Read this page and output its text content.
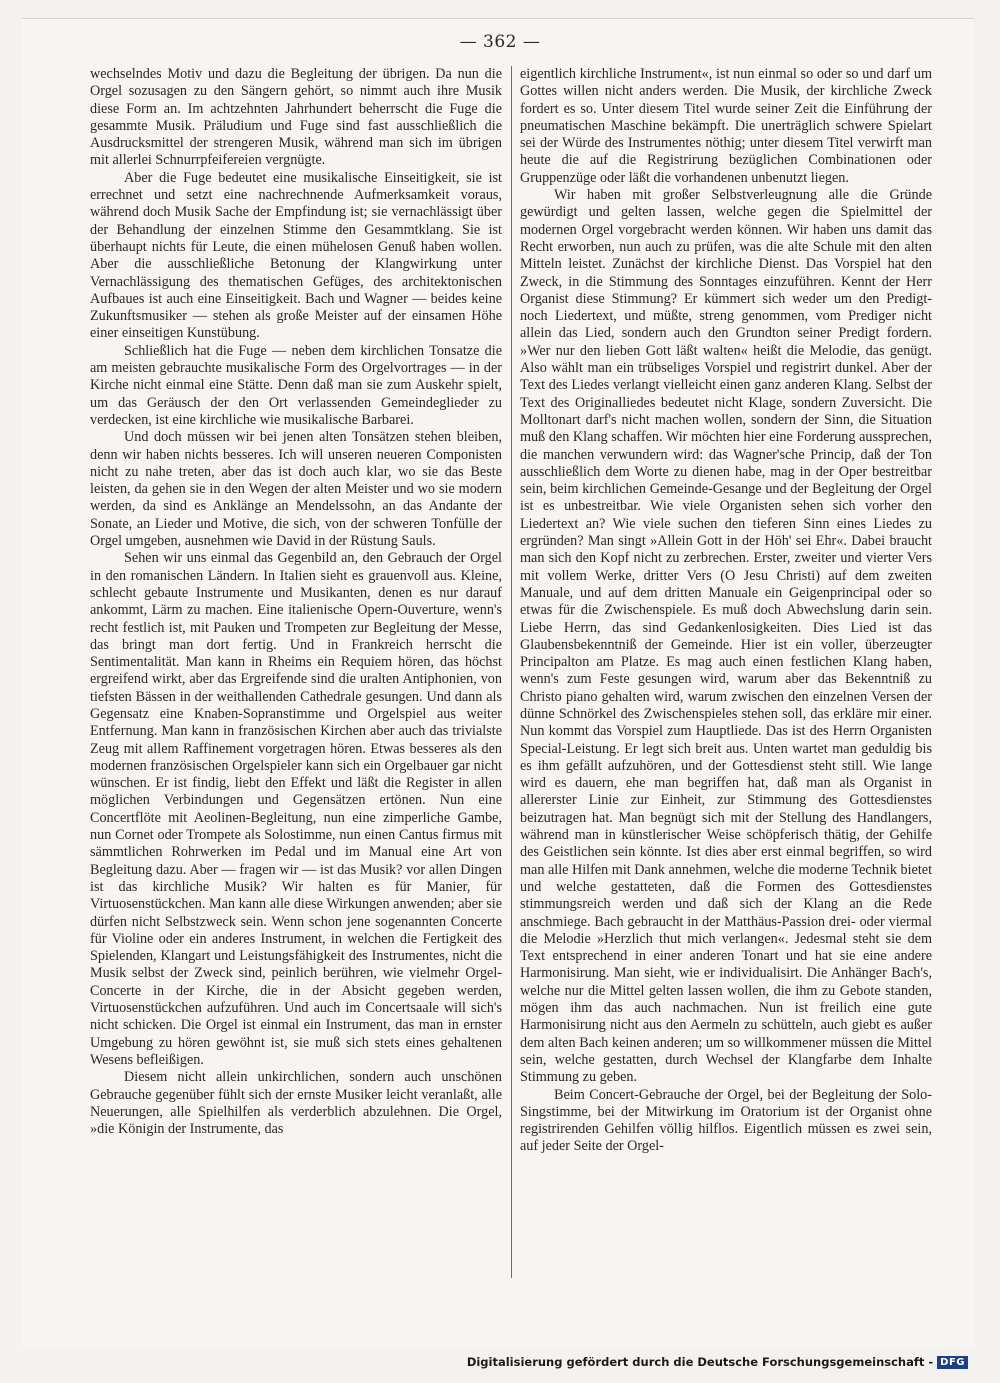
— 362 —

wechselndes Motiv und dazu die Begleitung der übrigen. Da nun die Orgel sozusagen zu den Sängern gehört, so nimmt auch ihre Musik diese Form an. Im achtzehnten Jahrhundert beherrscht die Fuge die gesammte Musik. Präludium und Fuge sind fast ausschließlich die Ausdrucksmittel der strengeren Musik, während man sich im übrigen mit allerlei Schnurrpfeifereien vergnügte.

Aber die Fuge bedeutet eine musikalische Einseitigkeit, sie ist errechnet und setzt eine nachrechnende Aufmerksamkeit voraus, während doch Musik Sache der Empfindung ist; sie vernachlässigt über der Behandlung der einzelnen Stimme den Gesammtklang. Sie ist überhaupt nichts für Leute, die einen mühelosen Genuß haben wollen. Aber die ausschließliche Betonung der Klangwirkung unter Vernachlässigung des thematischen Gefüges, des architektonischen Aufbaues ist auch eine Einseitigkeit. Bach und Wagner — beides keine Zukunftsmusiker — stehen als große Meister auf der einsamen Höhe einer einseitigen Kunstübung.

Schließlich hat die Fuge — neben dem kirchlichen Tonsatze die am meisten gebrauchte musikalische Form des Orgelvortrages — in der Kirche nicht einmal eine Stätte. Denn daß man sie zum Auskehr spielt, um das Geräusch der den Ort verlassenden Gemeindeglieder zu verdecken, ist eine kirchliche wie musikalische Barbarei.

Und doch müssen wir bei jenen alten Tonsätzen stehen bleiben, denn wir haben nichts besseres. Ich will unseren neueren Componisten nicht zu nahe treten, aber das ist doch auch klar, wo sie das Beste leisten, da gehen sie in den Wegen der alten Meister und wo sie modern werden, da sind es Anklänge an Mendelssohn, an das Andante der Sonate, an Lieder und Motive, die sich, von der schweren Tonfülle der Orgel umgeben, ausnehmen wie David in der Rüstung Sauls.

Sehen wir uns einmal das Gegenbild an, den Gebrauch der Orgel in den romanischen Ländern. In Italien sieht es grauenvoll aus. Kleine, schlecht gebaute Instrumente und Musikanten, denen es nur darauf ankommt, Lärm zu machen. Eine italienische Opern-Ouverture, wenn's recht festlich ist, mit Pauken und Trompeten zur Begleitung der Messe, das bringt man dort fertig. Und in Frankreich herrscht die Sentimentalität. Man kann in Rheims ein Requiem hören, das höchst ergreifend wirkt, aber das Ergreifende sind die uralten Antiphonien, von tiefsten Bässen in der weithallenden Cathedrale gesungen. Und dann als Gegensatz eine Knaben-Sopranstimme und Orgelspiel aus weiter Entfernung. Man kann in französischen Kirchen aber auch das trivialste Zeug mit allem Raffinement vorgetragen hören. Etwas besseres als den modernen französischen Orgelspieler kann sich ein Orgelbauer gar nicht wünschen. Er ist findig, liebt den Effekt und läßt die Register in allen möglichen Verbindungen und Gegensätzen ertönen. Nun eine Concertflöte mit Aeolinen-Begleitung, nun eine zimperliche Gambe, nun Cornet oder Trompete als Solostimme, nun einen Cantus firmus mit sämmtlichen Rohrwerken im Pedal und im Manual eine Art von Begleitung dazu. Aber — fragen wir — ist das Musik? vor allen Dingen ist das kirchliche Musik? Wir halten es für Manier, für Virtuosenstückchen. Man kann alle diese Wirkungen anwenden; aber sie dürfen nicht Selbstzweck sein. Wenn schon jene sogenannten Concerte für Violine oder ein anderes Instrument, in welchen die Fertigkeit des Spielenden, Klangart und Leistungsfähigkeit des Instrumentes, nicht die Musik selbst der Zweck sind, peinlich berühren, wie vielmehr Orgel-Concerte in der Kirche, die in der Absicht gegeben werden, Virtuosenstückchen aufzuführen. Und auch im Concertsaale will sich's nicht schicken. Die Orgel ist einmal ein Instrument, das man in ernster Umgebung zu hören gewöhnt ist, sie muß sich stets eines gehaltenen Wesens befleißigen.

Diesem nicht allein unkirchlichen, sondern auch unschönen Gebrauche gegenüber fühlt sich der ernste Musiker leicht veranlaßt, alle Neuerungen, alle Spielhilfen als verderblich abzulehnen. Die Orgel, »die Königin der Instrumente, das

eigentlich kirchliche Instrument«, ist nun einmal so oder so und darf um Gottes willen nicht anders werden. Die Musik, der kirchliche Zweck fordert es so. Unter diesem Titel wurde seiner Zeit die Einführung der pneumatischen Maschine bekämpft. Die unerträglich schwere Spielart sei der Würde des Instrumentes nöthig; unter diesem Titel verwirft man heute die auf die Registrirung bezüglichen Combinationen oder Gruppenzüge oder läßt die vorhandenen unbenutzt liegen.

Wir haben mit großer Selbstverleugnung alle die Gründe gewürdigt und gelten lassen, welche gegen die Spielmittel der modernen Orgel vorgebracht werden können. Wir haben uns damit das Recht erworben, nun auch zu prüfen, was die alte Schule mit den alten Mitteln leistet. Zunächst der kirchliche Dienst. Das Vorspiel hat den Zweck, in die Stimmung des Sonntages einzuführen. Kennt der Herr Organist diese Stimmung? Er kümmert sich weder um den Predigt- noch Liedertext, und müßte, streng genommen, vom Prediger nicht allein das Lied, sondern auch den Grundton seiner Predigt fordern. »Wer nur den lieben Gott läßt walten« heißt die Melodie, das genügt. Also wählt man ein trübseliges Vorspiel und registrirt dunkel. Aber der Text des Liedes verlangt vielleicht einen ganz anderen Klang. Selbst der Text des Originalliedes bedeutet nicht Klage, sondern Zuversicht. Die Molltonart darf's nicht machen wollen, sondern der Sinn, die Situation muß den Klang schaffen. Wir möchten hier eine Forderung aussprechen, die manchen verwundern wird: das Wagner'sche Princip, daß der Ton ausschließlich dem Worte zu dienen habe, mag in der Oper bestreitbar sein, beim kirchlichen Gemeinde-Gesange und der Begleitung der Orgel ist es unbestreitbar. Wie viele Organisten sehen sich vorher den Liedertext an? Wie viele suchen den tieferen Sinn eines Liedes zu ergründen? Man singt »Allein Gott in der Höh' sei Ehr«. Dabei braucht man sich den Kopf nicht zu zerbrechen. Erster, zweiter und vierter Vers mit vollem Werke, dritter Vers (O Jesu Christi) auf dem zweiten Manuale, und auf dem dritten Manuale ein Geigenprincipal oder so etwas für die Zwischenspiele. Es muß doch Abwechslung darin sein. Liebe Herrn, das sind Gedankenlosigkeiten. Dies Lied ist das Glaubensbekenntniß der Gemeinde. Hier ist ein voller, überzeugter Principalton am Platze. Es mag auch einen festlichen Klang haben, wenn's zum Feste gesungen wird, warum aber das Bekenntniß zu Christo piano gehalten wird, warum zwischen den einzelnen Versen der dünne Schnörkel des Zwischenspieles stehen soll, das erkläre mir einer. Nun kommt das Vorspiel zum Hauptliede. Das ist des Herrn Organisten Special-Leistung. Er legt sich breit aus. Unten wartet man geduldig bis es ihm gefällt aufzuhören, und der Gottesdienst steht still. Wie lange wird es dauern, ehe man begriffen hat, daß man als Organist in allererster Linie zur Einheit, zur Stimmung des Gottesdienstes beizutragen hat. Man begnügt sich mit der Stellung des Handlangers, während man in künstlerischer Weise schöpferisch thätig, der Gehilfe des Geistlichen sein könnte. Ist dies aber erst einmal begriffen, so wird man alle Hilfen mit Dank annehmen, welche die moderne Technik bietet und welche gestatteten, daß die Formen des Gottesdienstes stimmungsreich werden und daß sich der Klang an die Rede anschmiege. Bach gebraucht in der Matthäus-Passion drei- oder viermal die Melodie »Herzlich thut mich verlangen«. Jedesmal steht sie dem Text entsprechend in einer anderen Tonart und hat sie eine andere Harmonisirung. Man sieht, wie er individualisirt. Die Anhänger Bach's, welche nur die Mittel gelten lassen wollen, die ihm zu Gebote standen, mögen ihm das auch nachmachen. Nun ist freilich eine gute Harmonisirung nicht aus den Aermeln zu schütteln, auch giebt es außer dem alten Bach keinen anderen; um so willkommener müssen die Mittel sein, welche gestatten, durch Wechsel der Klangfarbe dem Inhalte Stimmung zu geben.

Beim Concert-Gebrauche der Orgel, bei der Begleitung der Solo-Singstimme, bei der Mitwirkung im Oratorium ist der Organist ohne registrirenden Gehilfen völlig hilflos. Eigentlich müssen es zwei sein, auf jeder Seite der Orgel-

Digitalisierung gefördert durch die Deutsche Forschungsgemeinschaft - DFG
